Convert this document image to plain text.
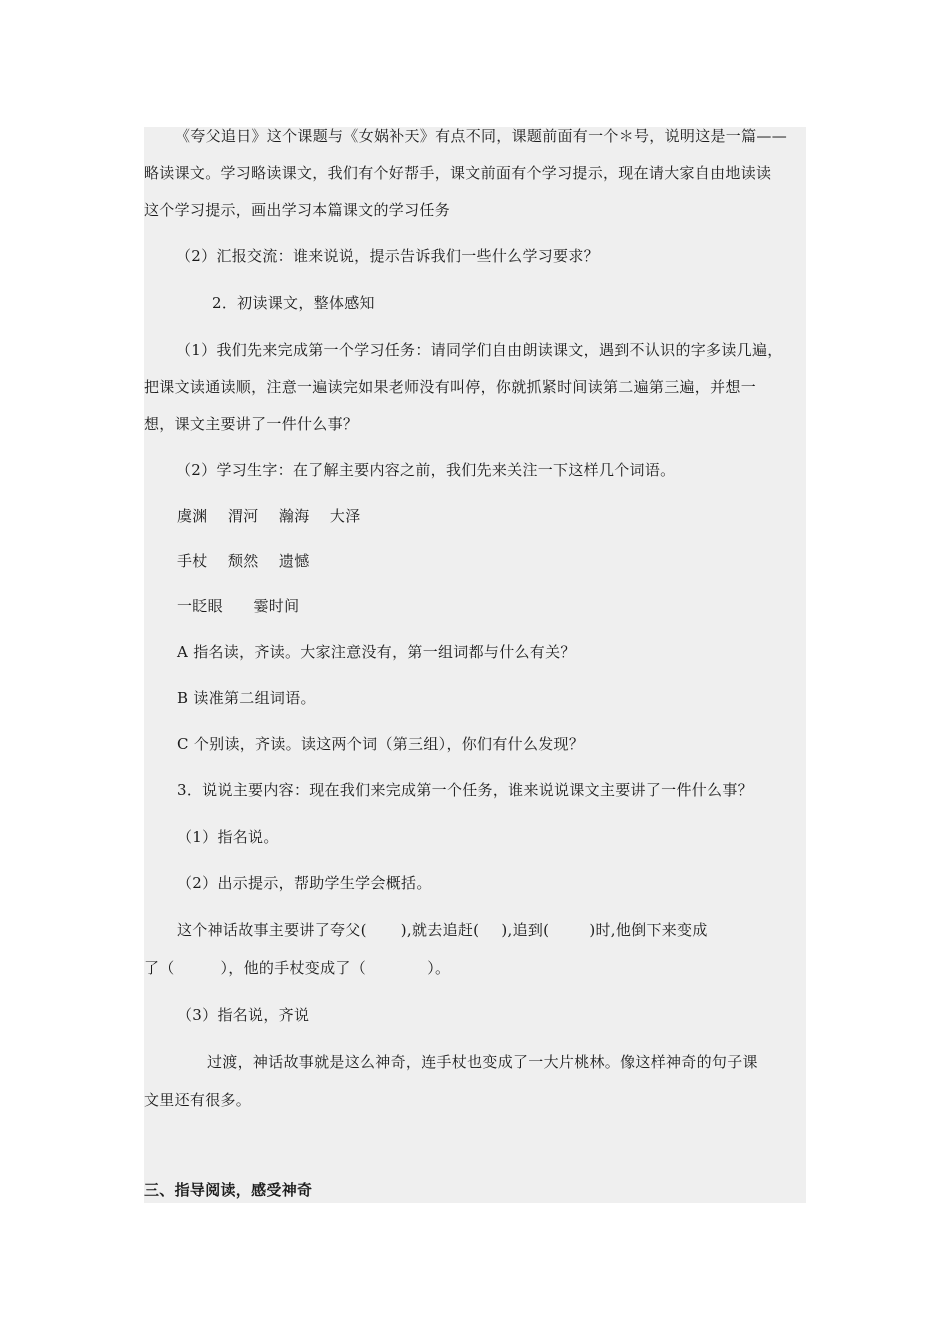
《夸父追日》这个课题与《女娲补天》有点不同，课题前面有一个＊号，说明这是一篇——
略读课文。学习略读课文，我们有个好帮手，课文前面有个学习提示，现在请大家自由地读读
这个学习提示，画出学习本篇课文的学习任务
（2）汇报交流：谁来说说，提示告诉我们一些什么学习要求？
2．初读课文，整体感知
（1）我们先来完成第一个学习任务：请同学们自由朗读课文，遇到不认识的字多读几遍，
把课文读通读顺，注意一遍读完如果老师没有叫停，你就抓紧时间读第二遍第三遍，并想一
想，课文主要讲了一件什么事？
（2）学习生字：在了解主要内容之前，我们先来关注一下这样几个词语。
虞渊　 渭河　 瀚海　 大泽
手杖　 颓然　 遗憾
一眨眼　　霎时间
A 指名读，齐读。大家注意没有，第一组词都与什么有关？
B 读准第二组词语。
C 个别读，齐读。读这两个词（第三组），你们有什么发现？
3．说说主要内容：现在我们来完成第一个任务，谁来说说课文主要讲了一件什么事？
（1）指名说。
（2）出示提示，帮助学生学会概括。
这个神话故事主要讲了夸父( ),就去追赶( ),追到(	)时,他倒下来变成
了（　　　），他的手杖变成了（　　　　）。
（3）指名说，齐说
过渡，神话故事就是这么神奇，连手杖也变成了一大片桃林。像这样神奇的句子课
文里还有很多。
三、指导阅读，感受神奇
